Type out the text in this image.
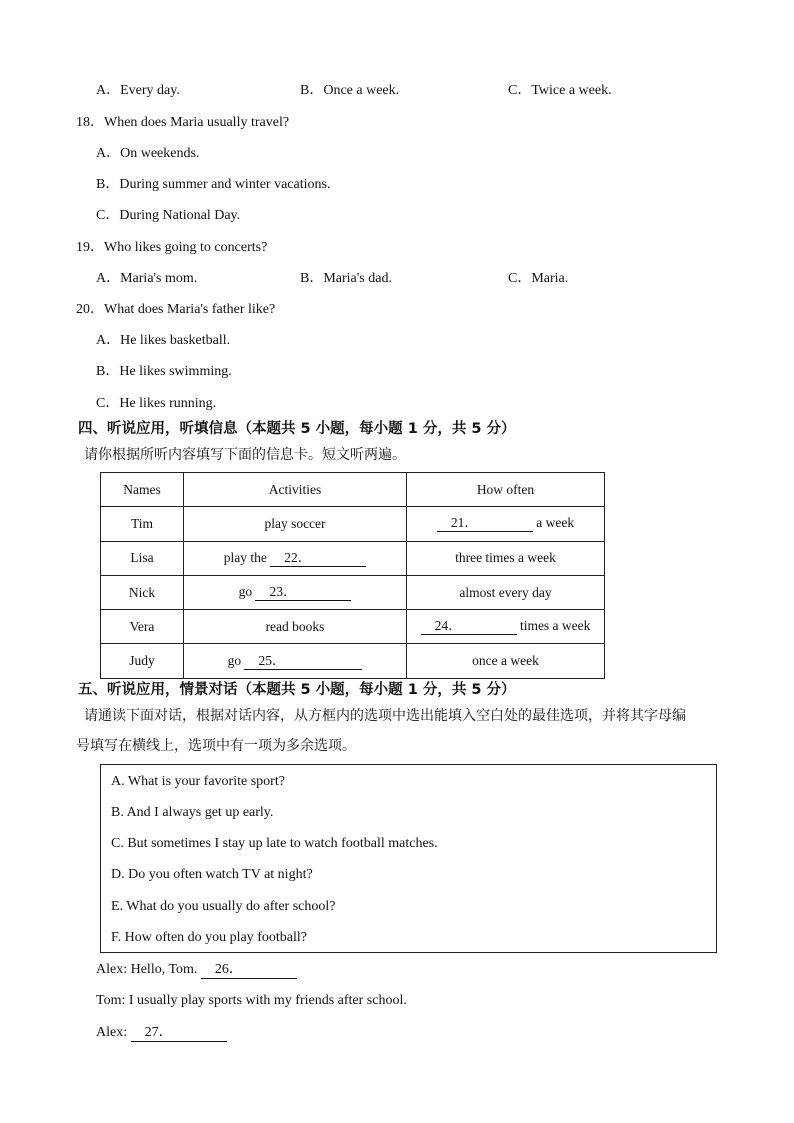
A．Every day.	B．Once a week.	C．Twice a week.
18．When does Maria usually travel?
A．On weekends.
B．During summer and winter vacations.
C．During National Day.
19．Who likes going to concerts?
A．Maria's mom.	B．Maria's dad.	C．Maria.
20．What does Maria's father like?
A．He likes basketball.
B．He likes swimming.
C．He likes running.
四、听说应用，听填信息（本题共 5 小题，每小题 1 分，共 5 分）
请你根据所听内容填写下面的信息卡。短文听两遍。
Names	Activities	How often
Tim	play soccer	21． a week
Lisa	play the 22．	three times a week
Nick	go 23．	almost every day
Vera	read books	24． times a week
Judy	go 25．	once a week
五、听说应用，情景对话（本题共 5 小题，每小题 1 分，共 5 分）
请通读下面对话，根据对话内容，从方框内的选项中选出能填入空白处的最佳选项，并将其字母编
号填写在横线上，选项中有一项为多余选项。
A. What is your favorite sport?
B. And I always get up early.
C. But sometimes I stay up late to watch football matches.
D. Do you often watch TV at night?
E. What do you usually do after school?
F. How often do you play football?
Alex: Hello, Tom. 26．
Tom: I usually play sports with my friends after school.
Alex: 27．
